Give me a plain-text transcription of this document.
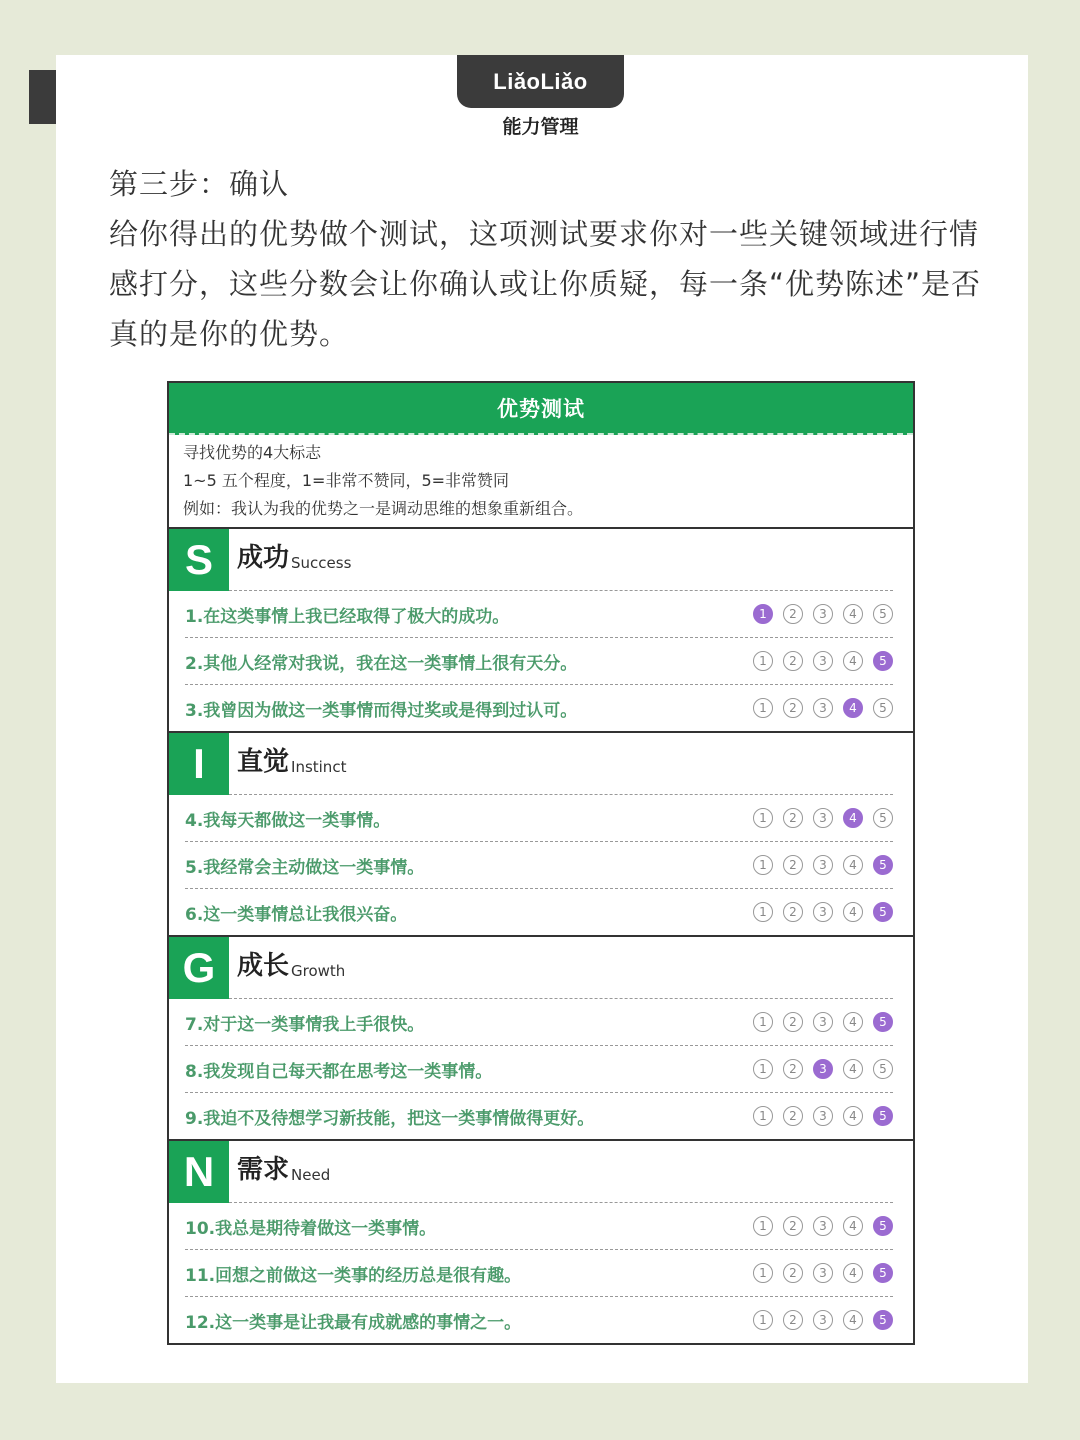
LiǎoLiǎo
能力管理

第三步：确认

给你得出的优势做个测试，这项测试要求你对一些关键领域进行情感打分，这些分数会让你确认或让你质疑，每一条“优势陈述”是否真的是你的优势。

优势测试
寻找优势的4大标志
1~5 五个程度，1=非常不赞同，5=非常赞同
例如：我认为我的优势之一是调动思维的想象重新组合。
S 成功 Success
1.在这类事情上我已经取得了极大的成功。	1	2	3	4	5
2.其他人经常对我说，我在这一类事情上很有天分。	1	2	3	4	5
3.我曾因为做这一类事情而得过奖或是得到过认可。	1	2	3	4	5
I	直觉 Instinct
4.我每天都做这一类事情。	1	2	3	4	5
5.我经常会主动做这一类事情。	1	2	3	4	5
6.这一类事情总让我很兴奋。	1	2	3	4	5
G 成长 Growth
7.对于这一类事情我上手很快。	1	2	3	4	5
8.我发现自己每天都在思考这一类事情。	1	2	3	4	5
9.我迫不及待想学习新技能，把这一类事情做得更好。	1	2	3	4	5
N 需求 Need
10.我总是期待着做这一类事情。	1	2	3	4	5
11.回想之前做这一类事的经历总是很有趣。	1	2	3	4	5
12.这一类事是让我最有成就感的事情之一。	1	2	3	4	5
